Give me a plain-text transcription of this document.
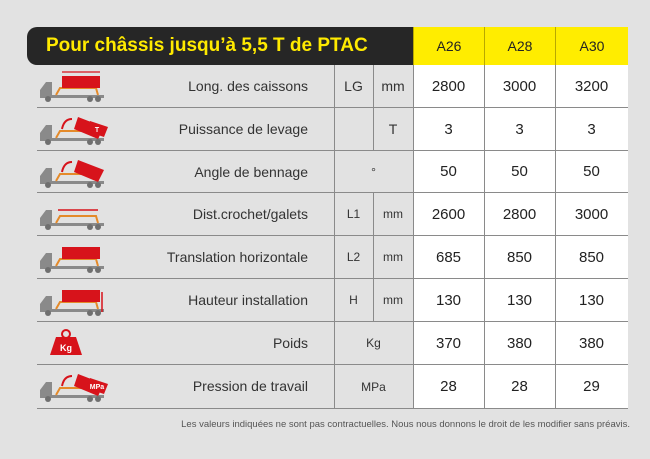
Pour châssis jusqu’à 5,5 T de PTAC	A26	A28	A30
Long. des caissons	LG	mm	2800	3000	3200
T	Puissance de levage	T	3	3	3
Angle de bennage	°	50	50	50
Dist.crochet/galets	L1	mm	2600	2800	3000
Translation horizontale	L2	mm	685	850	850
Hauteur installation	H	mm	130	130	130
Kg	Poids	Kg	370	380	380
MPa	Pression de travail	MPa	28	28	29
Les valeurs indiquées ne sont pas contractuelles. Nous nous donnons le droit de les modifier sans préavis.
